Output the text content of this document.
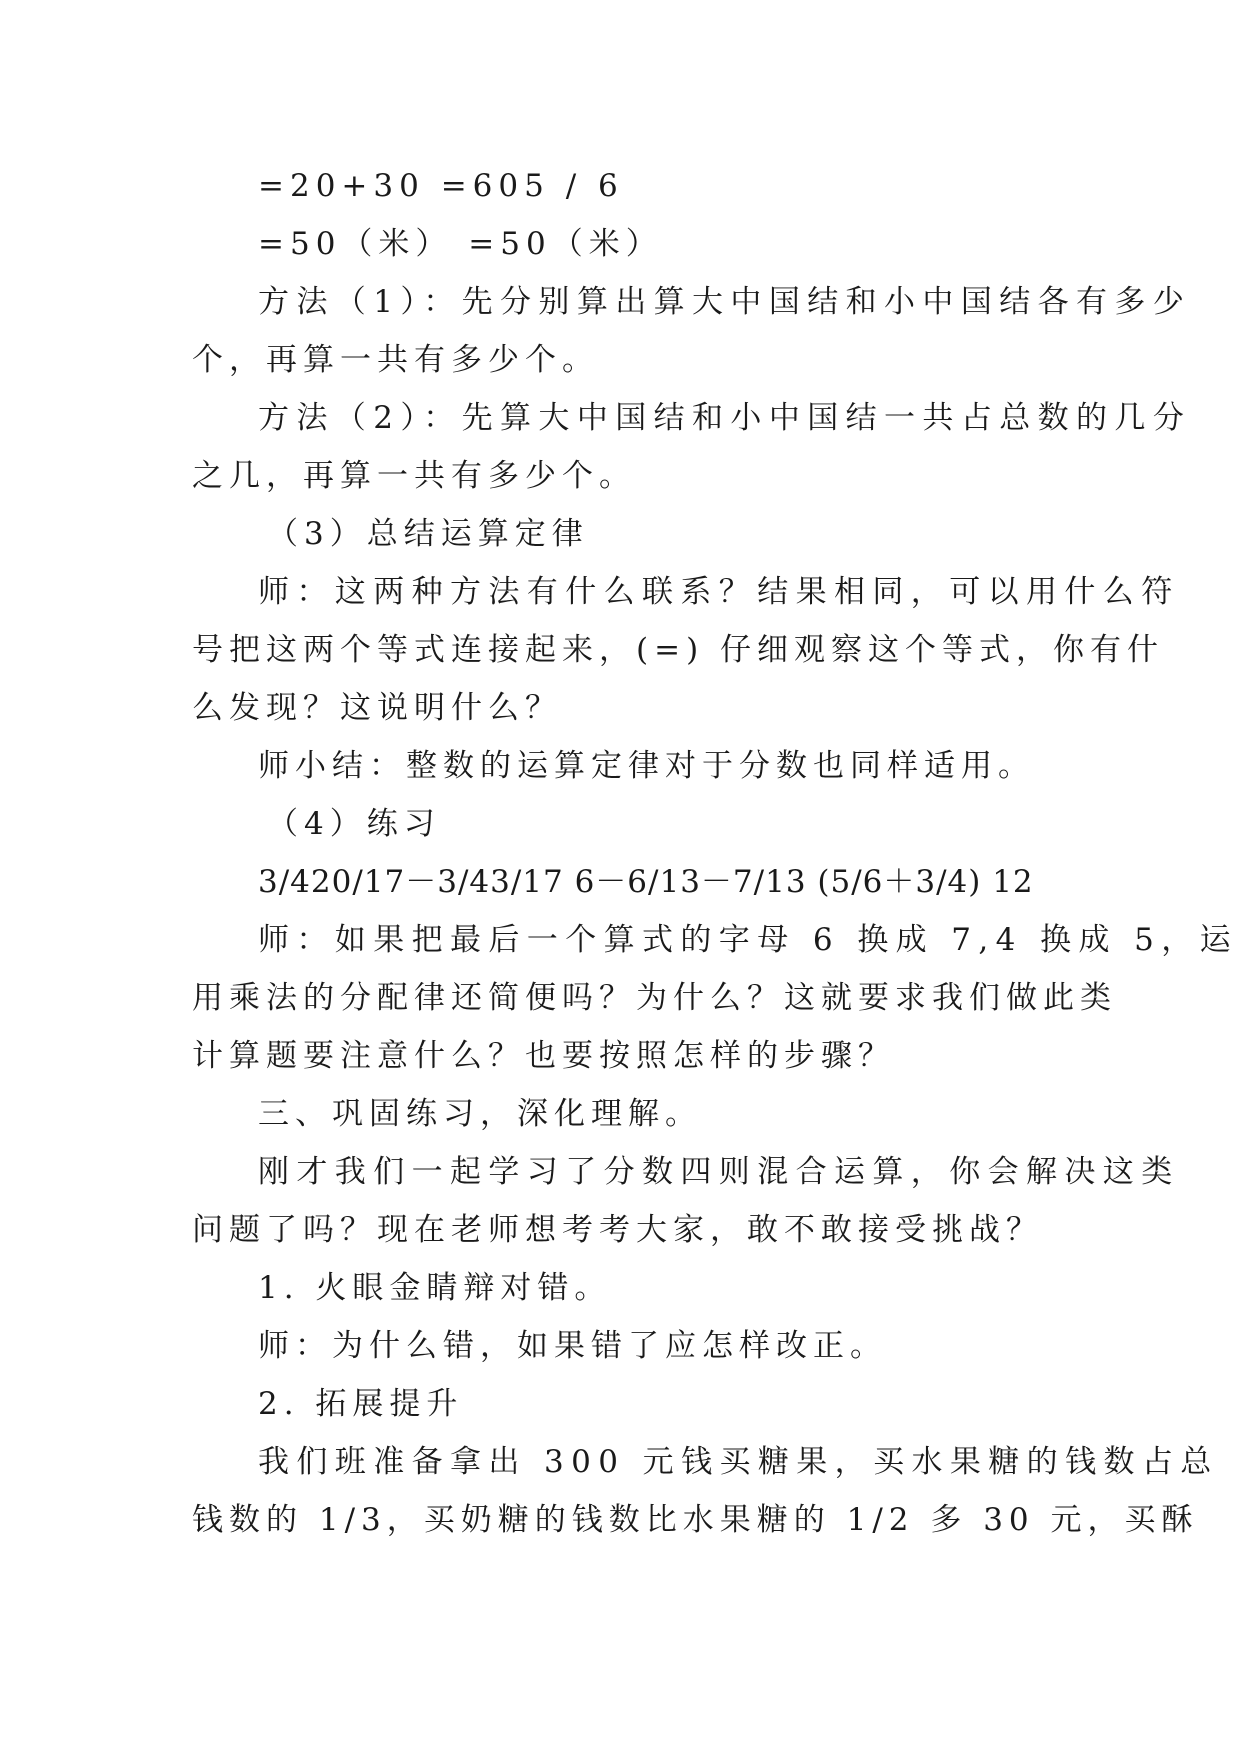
=20+30 =605 / 6
=50（米） =50（米）
方法（1）：先分别算出算大中国结和小中国结各有多少
个，再算一共有多少个。
方法（2）：先算大中国结和小中国结一共占总数的几分
之几，再算一共有多少个。
（3）总结运算定律
师：这两种方法有什么联系？结果相同，可以用什么符
号把这两个等式连接起来，(=) 仔细观察这个等式，你有什
么发现？这说明什么？
师小结：整数的运算定律对于分数也同样适用。
（4）练习
3/420/17－3/43/17 6－6/13－7/13 (5/6＋3/4) 12
师：如果把最后一个算式的字母 6 换成 7,4 换成 5，运
用乘法的分配律还简便吗？为什么？这就要求我们做此类
计算题要注意什么？也要按照怎样的步骤？
三、巩固练习，深化理解。
刚才我们一起学习了分数四则混合运算，你会解决这类
问题了吗？现在老师想考考大家，敢不敢接受挑战？
1. 火眼金睛辩对错。
师：为什么错，如果错了应怎样改正。
2. 拓展提升
我们班准备拿出 300 元钱买糖果，买水果糖的钱数占总
钱数的 1/3，买奶糖的钱数比水果糖的 1/2 多 30 元，买酥
